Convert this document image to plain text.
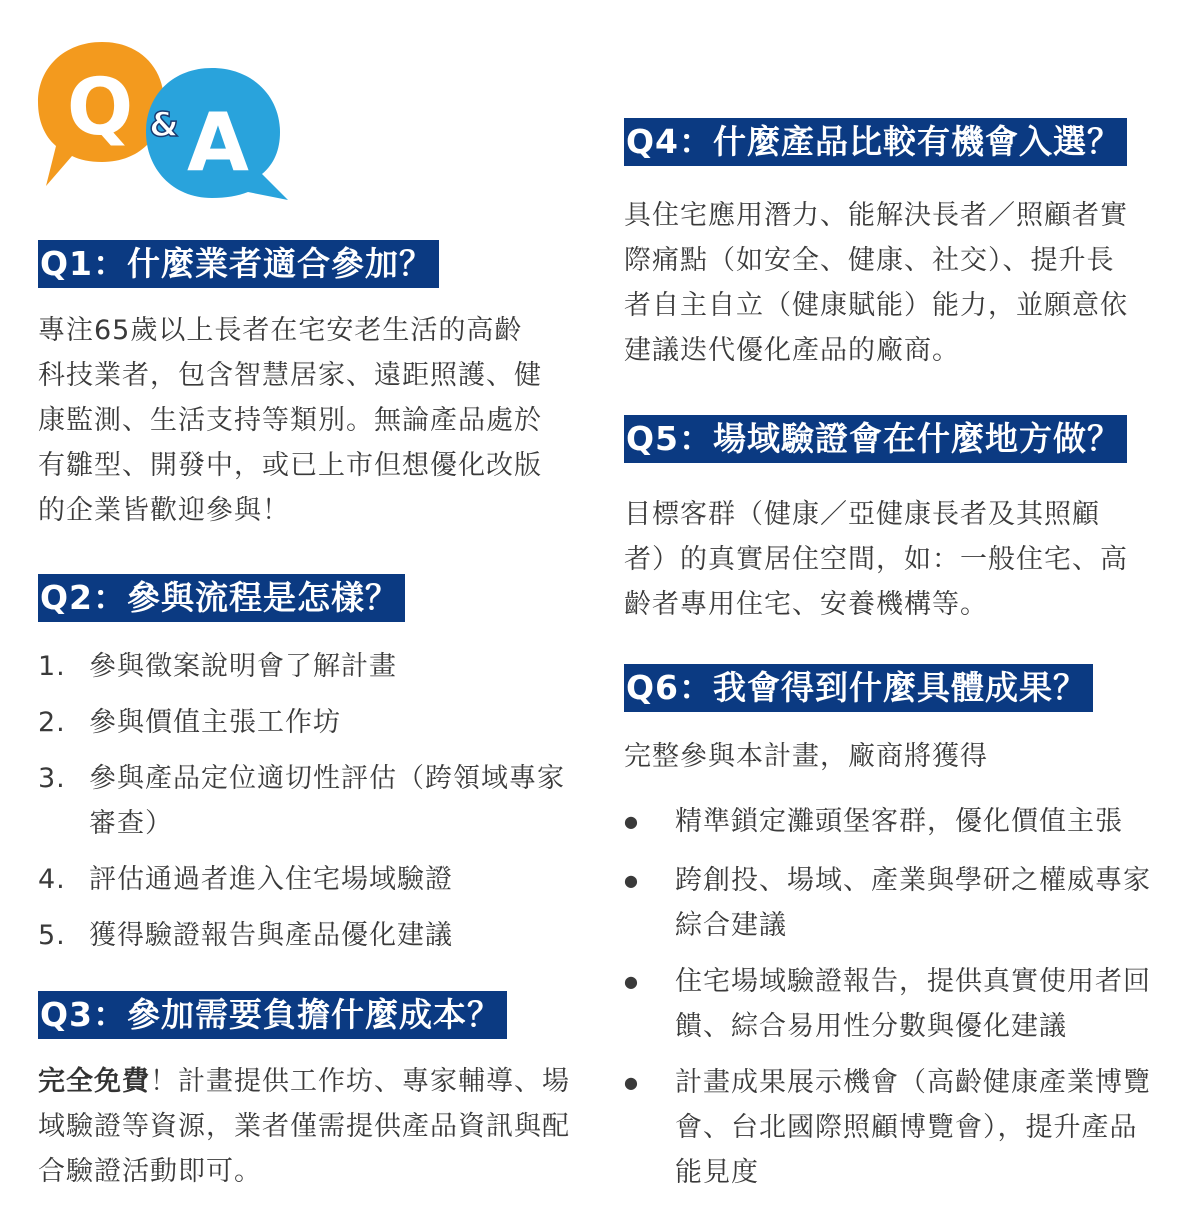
Q & A
Q1：什麼業者適合參加？

專注65歲以上長者在宅安老生活的高齡科技業者，包含智慧居家、遠距照護、健康監測、生活支持等類別。無論產品處於有雛型、開發中，或已上市但想優化改版的企業皆歡迎參與！

Q2：參與流程是怎樣？
1. 參與徵案說明會了解計畫
2. 參與價值主張工作坊
3. 參與產品定位適切性評估（跨領域專家審查）
4. 評估通過者進入住宅場域驗證
5. 獲得驗證報告與產品優化建議
Q3：參加需要負擔什麼成本？

完全免費！計畫提供工作坊、專家輔導、場域驗證等資源，業者僅需提供產品資訊與配合驗證活動即可。

Q4：什麼產品比較有機會入選？

具住宅應用潛力、能解決長者／照顧者實際痛點（如安全、健康、社交）、提升長者自主自立（健康賦能）能力，並願意依建議迭代優化產品的廠商。

Q5：場域驗證會在什麼地方做？

目標客群（健康／亞健康長者及其照顧者）的真實居住空間，如：一般住宅、高齡者專用住宅、安養機構等。

Q6：我會得到什麼具體成果？

完整參與本計畫，廠商將獲得

●
精準鎖定灘頭堡客群，優化價值主張
●
跨創投、場域、產業與學研之權威專家綜合建議
●
住宅場域驗證報告，提供真實使用者回饋、綜合易用性分數與優化建議
●
計畫成果展示機會（高齡健康產業博覽會、台北國際照顧博覽會），提升產品能見度
